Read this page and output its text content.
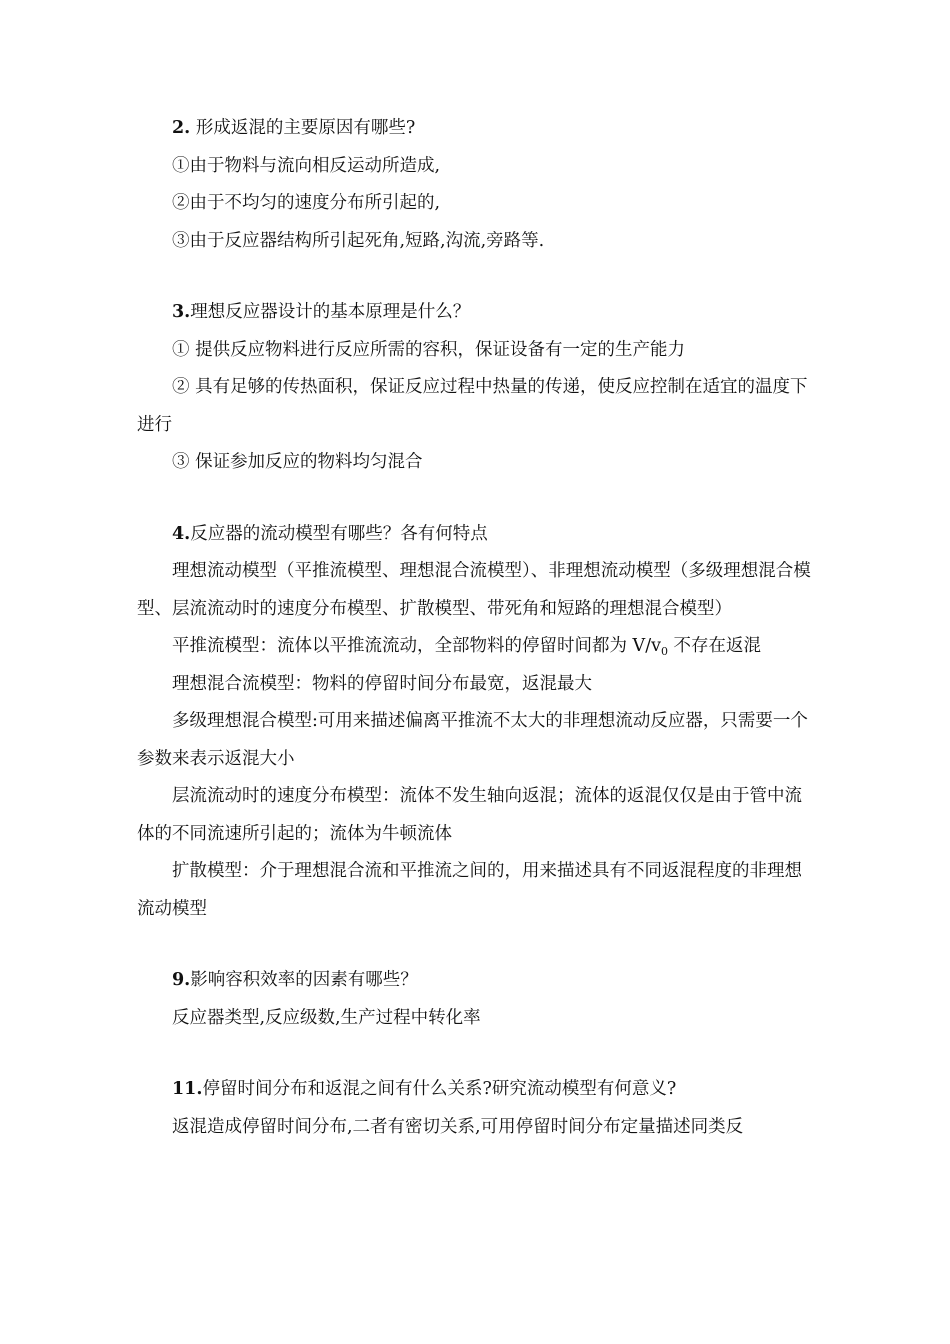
2. 形成返混的主要原因有哪些?

①由于物料与流向相反运动所造成,

②由于不均匀的速度分布所引起的,

③由于反应器结构所引起死角,短路,沟流,旁路等.

3.理想反应器设计的基本原理是什么？

① 提供反应物料进行反应所需的容积，保证设备有一定的生产能力

② 具有足够的传热面积，保证反应过程中热量的传递，使反应控制在适宜的温度下进行

③ 保证参加反应的物料均匀混合

4.反应器的流动模型有哪些？各有何特点

理想流动模型（平推流模型、理想混合流模型）、非理想流动模型（多级理想混合模型、层流流动时的速度分布模型、扩散模型、带死角和短路的理想混合模型）

平推流模型：流体以平推流流动，全部物料的停留时间都为 $V/v_0$ 不存在返混

理想混合流模型：物料的停留时间分布最宽，返混最大

多级理想混合模型:可用来描述偏离平推流不太大的非理想流动反应器，只需要一个参数来表示返混大小

层流流动时的速度分布模型：流体不发生轴向返混；流体的返混仅仅是由于管中流体的不同流速所引起的；流体为牛顿流体

扩散模型：介于理想混合流和平推流之间的，用来描述具有不同返混程度的非理想流动模型

9.影响容积效率的因素有哪些？

反应器类型,反应级数,生产过程中转化率

11.停留时间分布和返混之间有什么关系?研究流动模型有何意义?

返混造成停留时间分布,二者有密切关系,可用停留时间分布定量描述同类反
